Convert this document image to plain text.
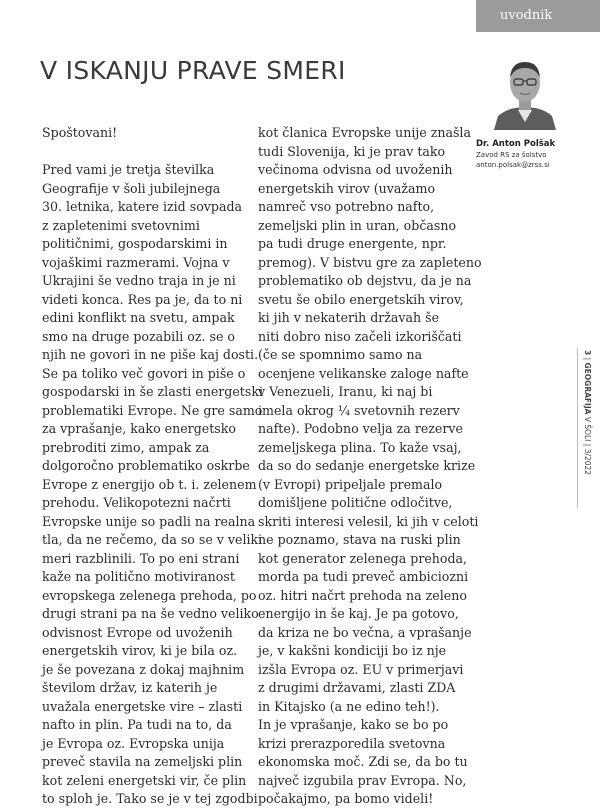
uvodnik
V ISKANJU PRAVE SMERI
Dr. Anton Polšak
Zavod RS za šolstvo
anton.polsak@zrss.si
3 | GEOGRAFIJA V ŠOLI | 3/2022
Spoštovani!
Pred vami je tretja številka
Geografije v šoli jubilejnega
30. letnika, katere izid sovpada
z zapletenimi svetovnimi
političnimi, gospodarskimi in
vojaškimi razmerami. Vojna v
Ukrajini še vedno traja in je ni
videti konca. Res pa je, da to ni
edini konflikt na svetu, ampak
smo na druge pozabili oz. se o
njih ne govori in ne piše kaj dosti.
Se pa toliko več govori in piše o
gospodarski in še zlasti energetski
problematiki Evrope. Ne gre samo
za vprašanje, kako energetsko
prebroditi zimo, ampak za
dolgoročno problematiko oskrbe
Evrope z energijo ob t. i. zelenem
prehodu. Velikopotezni načrti
Evropske unije so padli na realna
tla, da ne rečemo, da so se v veliki
meri razblinili. To po eni strani
kaže na politično motiviranost
evropskega zelenega prehoda, po
drugi strani pa na še vedno veliko
odvisnost Evrope od uvoženih
energetskih virov, ki je bila oz.
je še povezana z dokaj majhnim
številom držav, iz katerih je
uvažala energetske vire – zlasti
nafto in plin. Pa tudi na to, da
je Evropa oz. Evropska unija
preveč stavila na zemeljski plin
kot zeleni energetski vir, če plin
to sploh je. Tako se je v tej zgodbi
kot članica Evropske unije znašla
tudi Slovenija, ki je prav tako
večinoma odvisna od uvoženih
energetskih virov (uvažamo
namreč vso potrebno nafto,
zemeljski plin in uran, občasno
pa tudi druge energente, npr.
premog). V bistvu gre za zapleteno
problematiko ob dejstvu, da je na
svetu še obilo energetskih virov,
ki jih v nekaterih državah še
niti dobro niso začeli izkoriščati
(če se spomnimo samo na
ocenjene velikanske zaloge nafte
v Venezueli, Iranu, ki naj bi
imela okrog ¼ svetovnih rezerv
nafte). Podobno velja za rezerve
zemeljskega plina. To kaže vsaj,
da so do sedanje energetske krize
(v Evropi) pripeljale premalo
domišljene politične odločitve,
skriti interesi velesil, ki jih v celoti
ne poznamo, stava na ruski plin
kot generator zelenega prehoda,
morda pa tudi preveč ambiciozni
oz. hitri načrt prehoda na zeleno
energijo in še kaj. Je pa gotovo,
da kriza ne bo večna, a vprašanje
je, v kakšni kondiciji bo iz nje
izšla Evropa oz. EU v primerjavi
z drugimi državami, zlasti ZDA
in Kitajsko (a ne edino teh!).
In je vprašanje, kako se bo po
krizi prerazporedila svetovna
ekonomska moč. Zdi se, da bo tu
največ izgubila prav Evropa. No,
počakajmo, pa bomo videli!
